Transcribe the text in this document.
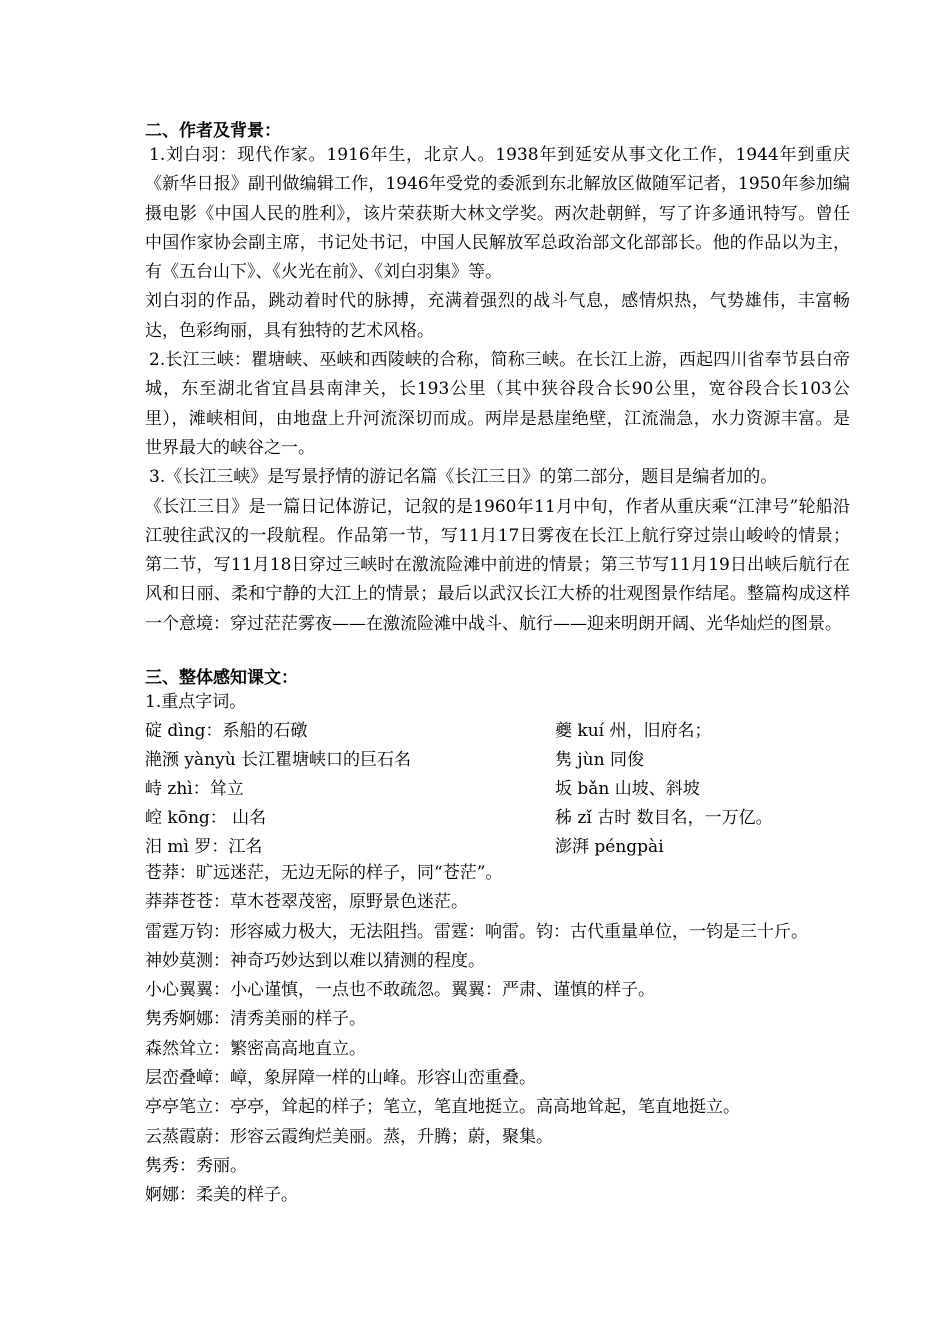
二、作者及背景：

1.刘白羽：现代作家。1916年生，北京人。1938年到延安从事文化工作，1944年到重庆《新华日报》副刊做编辑工作，1946年受党的委派到东北解放区做随军记者，1950年参加编摄电影《中国人民的胜利》，该片荣获斯大林文学奖。两次赴朝鲜，写了许多通讯特写。曾任中国作家协会副主席，书记处书记，中国人民解放军总政治部文化部部长。他的作品以为主，有《五台山下》、《火光在前》、《刘白羽集》等。

刘白羽的作品，跳动着时代的脉搏，充满着强烈的战斗气息，感情炽热，气势雄伟，丰富畅达，色彩绚丽，具有独特的艺术风格。

2.长江三峡：瞿塘峡、巫峡和西陵峡的合称，简称三峡。在长江上游，西起四川省奉节县白帝城，东至湖北省宜昌县南津关，长193公里（其中狭谷段合长90公里，宽谷段合长103公里），滩峡相间，由地盘上升河流深切而成。两岸是悬崖绝壁，江流湍急，水力资源丰富。是世界最大的峡谷之一。

3.《长江三峡》是写景抒情的游记名篇《长江三日》的第二部分，题目是编者加的。

《长江三日》是一篇日记体游记，记叙的是1960年11月中旬，作者从重庆乘“江津号”轮船沿江驶往武汉的一段航程。作品第一节，写11月17日雾夜在长江上航行穿过崇山峻岭的情景；第二节，写11月18日穿过三峡时在激流险滩中前进的情景；第三节写11月19日出峡后航行在风和日丽、柔和宁静的大江上的情景；最后以武汉长江大桥的壮观图景作结尾。整篇构成这样一个意境：穿过茫茫雾夜——在激流险滩中战斗、航行——迎来明朗开阔、光华灿烂的图景。

三、整体感知课文：
1.重点字词。
碇 dìng：系船的石礅	夔 kuí 州，旧府名；
滟滪 yànyù 长江瞿塘峡口的巨石名	隽 jùn 同俊
峙 zhì：耸立	坂 bǎn 山坡、斜坡
崆 kōng： 山名	秭 zǐ 古时 数目名，一万亿。
汨 mì 罗：江名	澎湃 péngpài

苍莽：旷远迷茫，无边无际的样子，同“苍茫”。

莽莽苍苍：草木苍翠茂密，原野景色迷茫。

雷霆万钧：形容威力极大，无法阻挡。雷霆：响雷。钧：古代重量单位，一钧是三十斤。

神妙莫测：神奇巧妙达到以难以猜测的程度。

小心翼翼：小心谨慎，一点也不敢疏忽。翼翼：严肃、谨慎的样子。

隽秀婀娜：清秀美丽的样子。

森然耸立：繁密高高地直立。

层峦叠嶂：嶂，象屏障一样的山峰。形容山峦重叠。

亭亭笔立：亭亭，耸起的样子；笔立，笔直地挺立。高高地耸起，笔直地挺立。

云蒸霞蔚：形容云霞绚烂美丽。蒸，升腾；蔚，聚集。

隽秀：秀丽。

婀娜：柔美的样子。
